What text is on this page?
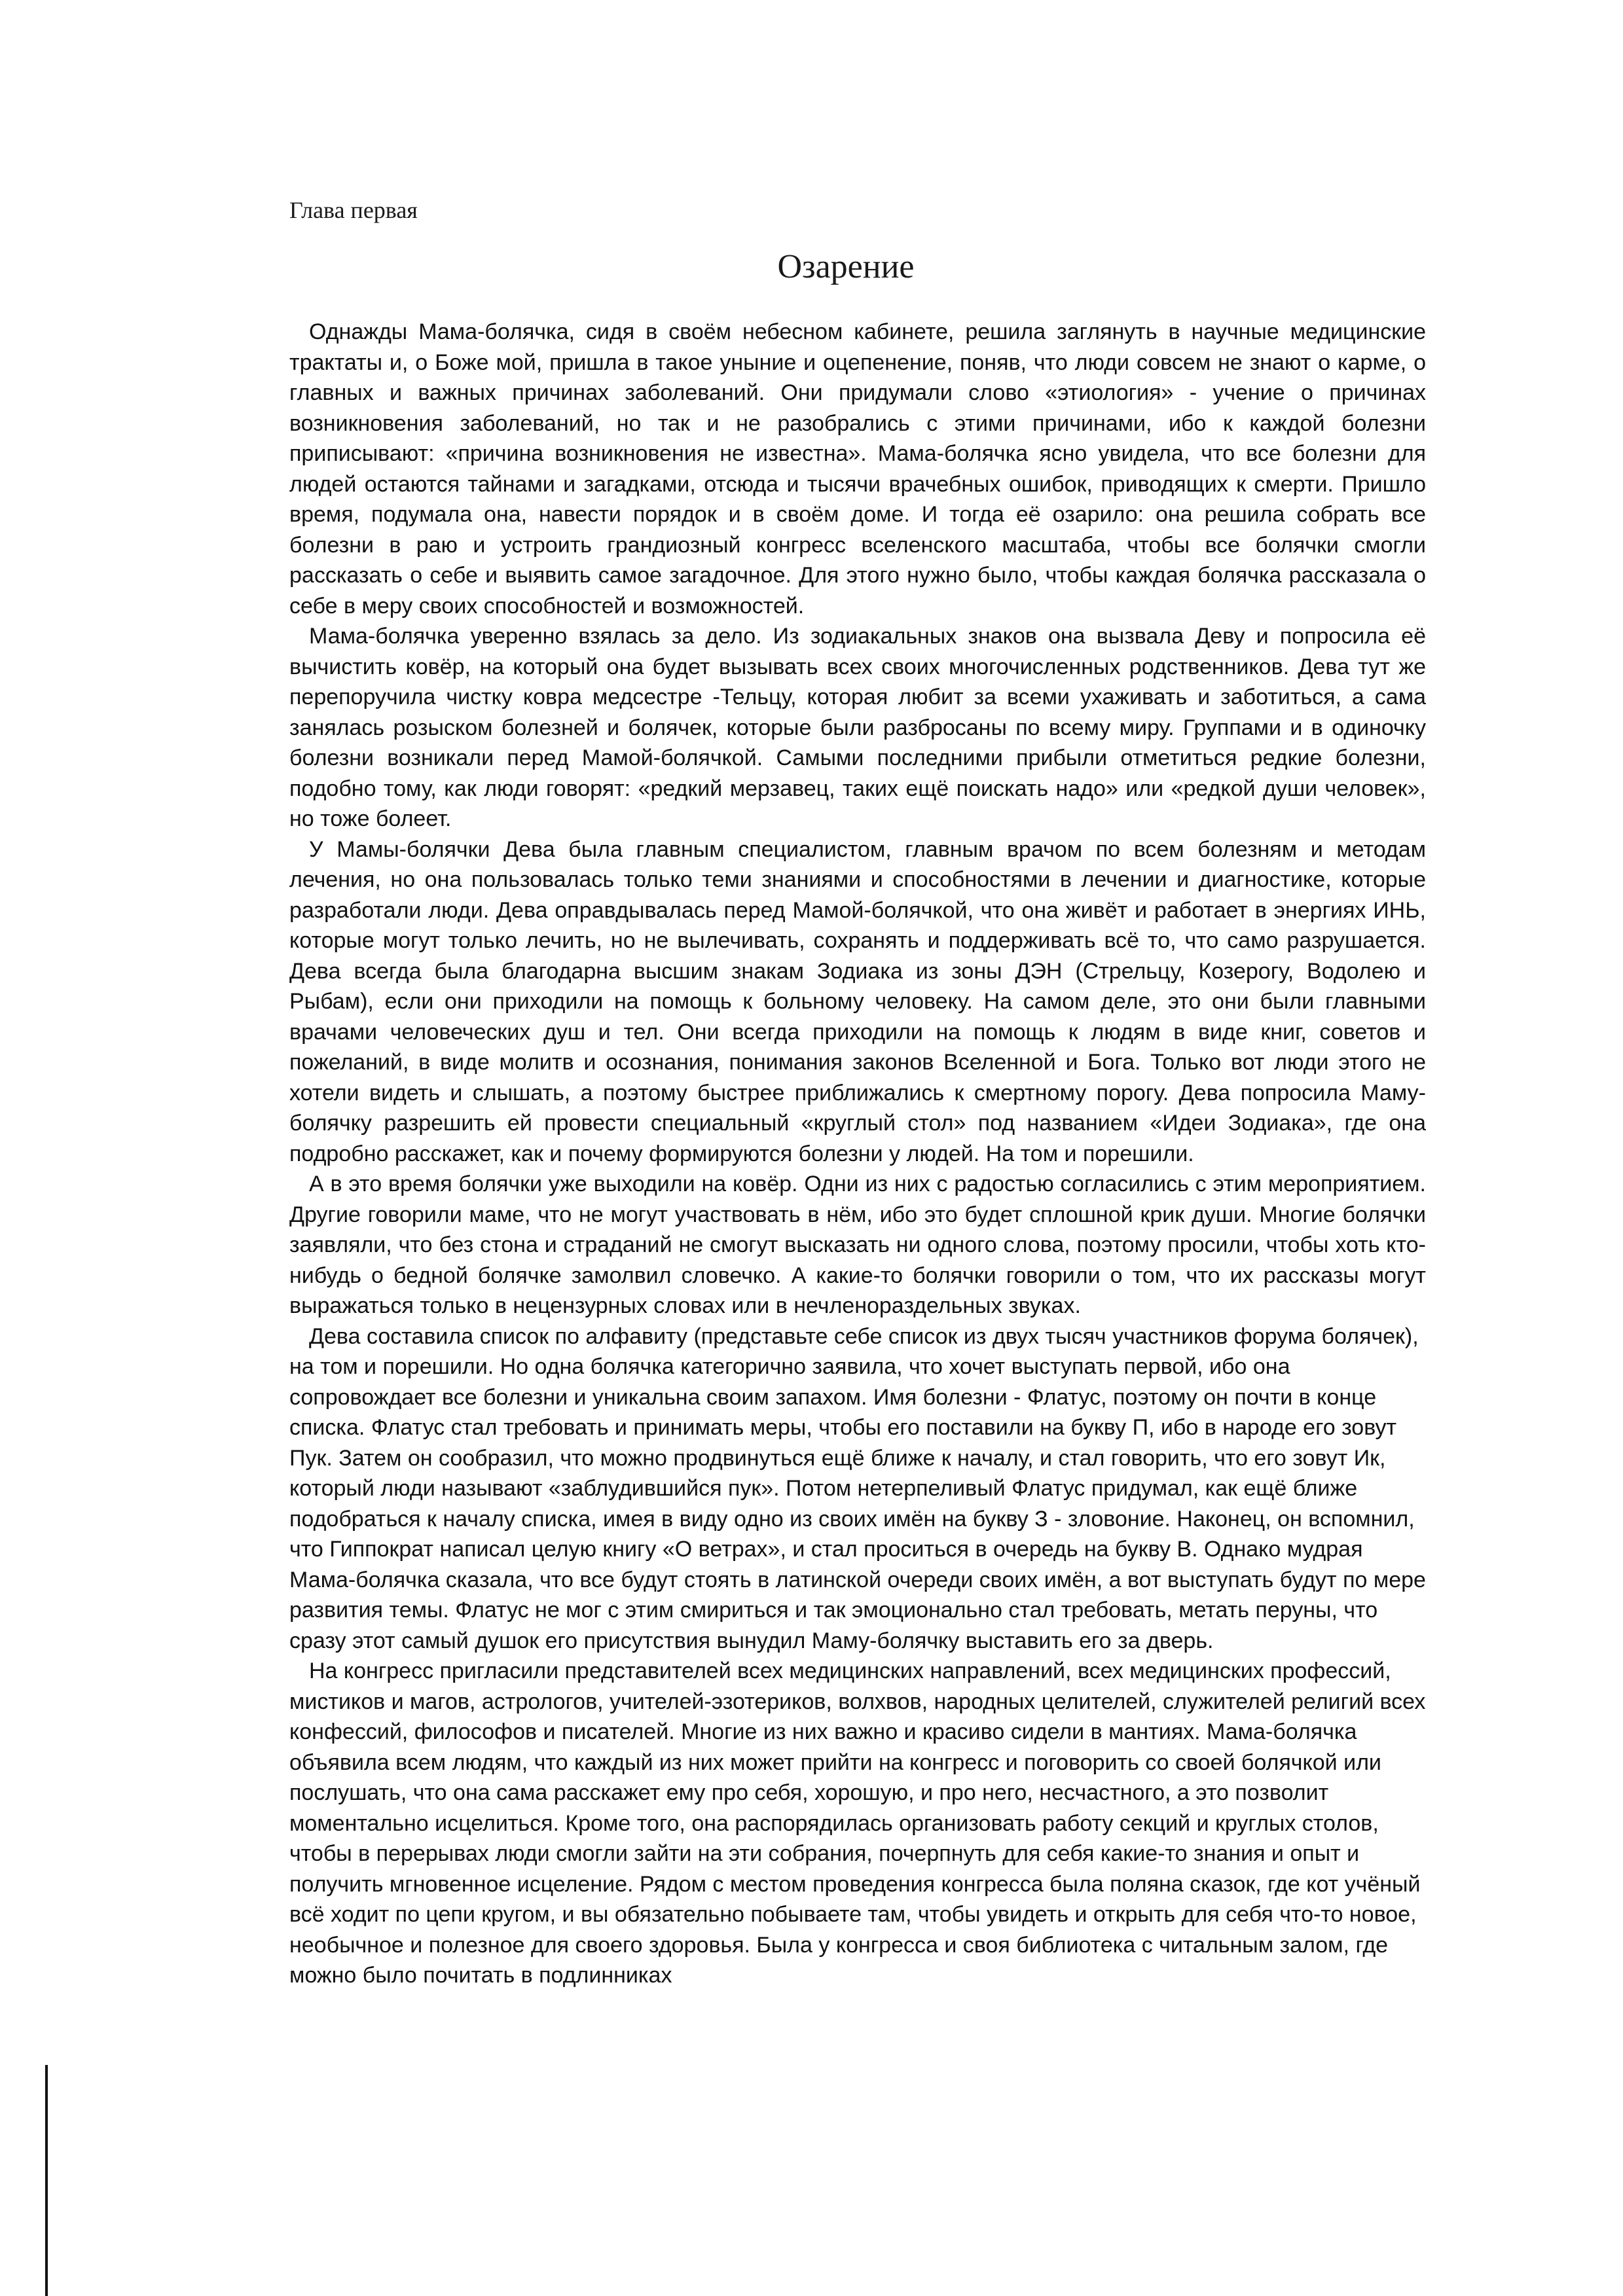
Глава первая
Озарение

Однажды Мама-болячка, сидя в своём небесном кабинете, решила заглянуть в научные медицинские трактаты и, о Боже мой, пришла в такое уныние и оцепенение, поняв, что люди совсем не знают о карме, о главных и важных причинах заболеваний. Они придумали слово «этиология» - учение о причинах возникновения заболеваний, но так и не разобрались с этими причинами, ибо к каждой болезни приписывают: «причина возникновения не известна». Мама-болячка ясно увидела, что все болезни для людей остаются тайнами и загадками, отсюда и тысячи врачебных ошибок, приводящих к смерти. Пришло время, подумала она, навести порядок и в своём доме. И тогда её озарило: она решила собрать все болезни в раю и устроить грандиозный конгресс вселенского масштаба, чтобы все болячки смогли рассказать о себе и выявить самое загадочное. Для этого нужно было, чтобы каждая болячка рассказала о себе в меру своих способностей и возможностей.

Мама-болячка уверенно взялась за дело. Из зодиакальных знаков она вызвала Деву и попросила её вычистить ковёр, на который она будет вызывать всех своих многочисленных родственников. Дева тут же перепоручила чистку ковра медсестре -Тельцу, которая любит за всеми ухаживать и заботиться, а сама занялась розыском болезней и болячек, которые были разбросаны по всему миру. Группами и в одиночку болезни возникали перед Мамой-болячкой. Самыми последними прибыли отметиться редкие болезни, подобно тому, как люди говорят: «редкий мерзавец, таких ещё поискать надо» или «редкой души человек», но тоже болеет.

У Мамы-болячки Дева была главным специалистом, главным врачом по всем болезням и методам лечения, но она пользовалась только теми знаниями и способностями в лечении и диагностике, которые разработали люди. Дева оправдывалась перед Мамой-болячкой, что она живёт и работает в энергиях ИНЬ, которые могут только лечить, но не вылечивать, сохранять и поддерживать всё то, что само разрушается. Дева всегда была благодарна высшим знакам Зодиака из зоны ДЭН (Стрельцу, Козерогу, Водолею и Рыбам), если они приходили на помощь к больному человеку. На самом деле, это они были главными врачами человеческих душ и тел. Они всегда приходили на помощь к людям в виде книг, советов и пожеланий, в виде молитв и осознания, понимания законов Вселенной и Бога. Только вот люди этого не хотели видеть и слышать, а поэтому быстрее приближались к смертному порогу. Дева попросила Маму-болячку разрешить ей провести специальный «круглый стол» под названием «Идеи Зодиака», где она подробно расскажет, как и почему формируются болезни у людей. На том и порешили.

А в это время болячки уже выходили на ковёр. Одни из них с радостью согласились с этим мероприятием. Другие говорили маме, что не могут участвовать в нём, ибо это будет сплошной крик души. Многие болячки заявляли, что без стона и страданий не смогут высказать ни одного слова, поэтому просили, чтобы хоть кто-нибудь о бедной болячке замолвил словечко. А какие-то болячки говорили о том, что их рассказы могут выражаться только в нецензурных словах или в нечленораздельных звуках.

Дева составила список по алфавиту (представьте себе список из двух тысяч участников форума болячек), на том и порешили. Но одна болячка категорично заявила, что хочет выступать первой, ибо она сопровождает все болезни и уникальна своим запахом. Имя болезни - Флатус, поэтому он почти в конце списка. Флатус стал требовать и принимать меры, чтобы его поставили на букву П, ибо в народе его зовут Пук. Затем он сообразил, что можно продвинуться ещё ближе к началу, и стал говорить, что его зовут Ик, который люди называют «заблудившийся пук». Потом нетерпеливый Флатус придумал, как ещё ближе подобраться к началу списка, имея в виду одно из своих имён на букву З - зловоние. Наконец, он вспомнил, что Гиппократ написал целую книгу «О ветрах», и стал проситься в очередь на букву В. Однако мудрая Мама-болячка сказала, что все будут стоять в латинской очереди своих имён, а вот выступать будут по мере развития темы. Флатус не мог с этим смириться и так эмоционально стал требовать, метать перуны, что сразу этот самый душок его присутствия вынудил Маму-болячку выставить его за дверь.

На конгресс пригласили представителей всех медицинских направлений, всех медицинских профессий, мистиков и магов, астрологов, учителей-эзотериков, волхвов, народных целителей, служителей религий всех конфессий, философов и писателей. Многие из них важно и красиво сидели в мантиях. Мама-болячка объявила всем людям, что каждый из них может прийти на конгресс и поговорить со своей болячкой или послушать, что она сама расскажет ему про себя, хорошую, и про него, несчастного, а это позволит моментально исцелиться. Кроме того, она распорядилась организовать работу секций и круглых столов, чтобы в перерывах люди смогли зайти на эти собрания, почерпнуть для себя какие-то знания и опыт и получить мгновенное исцеление. Рядом с местом проведения конгресса была поляна сказок, где кот учёный всё ходит по цепи кругом, и вы обязательно побываете там, чтобы увидеть и открыть для себя что-то новое, необычное и полезное для своего здоровья. Была у конгресса и своя библиотека с читальным залом, где можно было почитать в подлинниках
